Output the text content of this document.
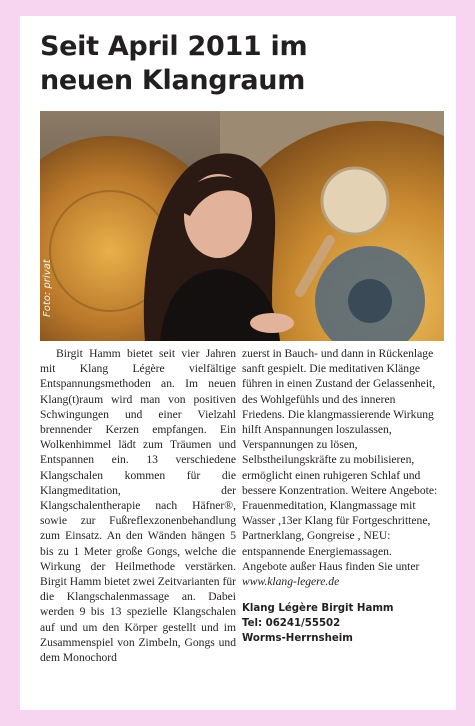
Seit April 2011 im
neuen Klangraum
Foto: privat

Birgit Hamm bietet seit vier Jahren mit Klang Légère vielfältige Entspannungsmethoden an. Im neuen Klang(t)raum wird man von positiven Schwingungen und einer Vielzahl brennender Kerzen empfangen. Ein Wolkenhimmel lädt zum Träumen und Entspannen ein. 13 verschiedene Klangschalen kommen für die Klangmeditation, der Klangschalentherapie nach Häfner®, sowie zur Fußreflexzonenbehandlung zum Einsatz. An den Wänden hängen 5 bis zu 1 Meter große Gongs, welche die Wirkung der Heilmethode verstärken. Birgit Hamm bietet zwei Zeitvarianten für die Klangschalenmassage an. Dabei werden 9 bis 13 spezielle Klangschalen auf und um den Körper gestellt und im Zusammenspiel von Zimbeln, Gongs und dem Monochord

zuerst in Bauch- und dann in Rückenlage sanft gespielt. Die meditativen Klänge führen in einen Zustand der Gelassenheit, des Wohlgefühls und des inneren Friedens. Die klangmassierende Wirkung hilft Anspannungen loszulassen, Verspannungen zu lösen, Selbstheilungskräfte zu mobilisieren, ermöglicht einen ruhigeren Schlaf und bessere Konzentration. Weitere Angebote: Frauenmeditation, Klangmassage mit Wasser ,13er Klang für Fortgeschrittene, Partnerklang, Gongreise , NEU: entspannende Energiemassagen. Angebote außer Haus finden Sie unter www.klang-legere.de

Klang Légère Birgit Hamm
Tel: 06241/55502
Worms-Herrnsheim
